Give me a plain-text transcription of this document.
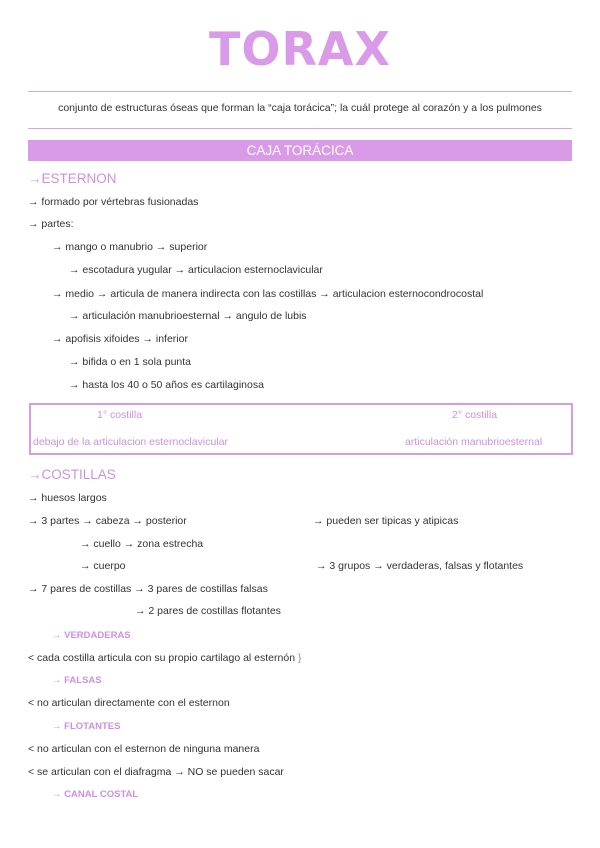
TORAX
conjunto de estructuras óseas que forman la “caja torácica”; la cuál protege al corazón y a los pulmones
CAJA TORÁCICA
→ESTERNON
→ formado por vértebras fusionadas
→ partes:
→ mango o manubrio → superior
→ escotadura yugular → articulacion esternoclavicular
→ medio → articula de manera indirecta con las costillas → articulacion esternocondrocostal
→ articulación manubrioesternal → angulo de lubis
→ apofisis xifoides → inferior
→ bifida o en 1 sola punta
→ hasta los 40 o 50 años es cartilaginosa
1° costilla
debajo de la articulacion esternoclavicular
2° costilla
articulación manubrioesternal
→COSTILLAS
→ huesos largos
→ 3 partes → cabeza → posterior	→ pueden ser tipicas y atipicas
→ cuello → zona estrecha
→ cuerpo	→ 3 grupos → verdaderas, falsas y flotantes
→ 7 pares de costillas → 3 pares de costillas falsas
→ 2 pares de costillas flotantes
→ VERDADERAS
< cada costilla articula con su propio cartilago al esternón }
→ FALSAS
< no articulan directamente con el esternon
→ FLOTANTES
< no articulan con el esternon de ninguna manera
< se articulan con el diafragma → NO se pueden sacar
→ CANAL COSTAL
